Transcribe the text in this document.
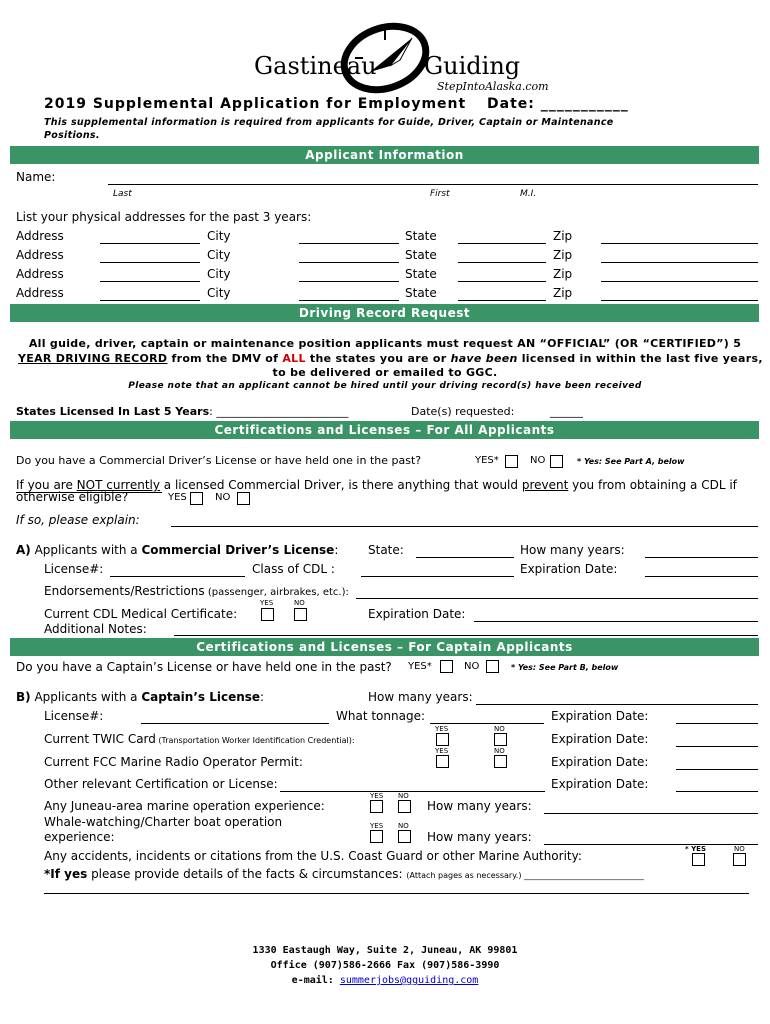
Gastineau Guiding
StepIntoAlaska.com
2019 Supplemental Application for Employment Date: ___________
This supplemental information is required from applicants for Guide, Driver, Captain or Maintenance Positions.
Applicant Information
Name:
Last	First	M.I.
List your physical addresses for the past 3 years:
Address	City	State	Zip
Address	City	State	Zip
Address	City	State	Zip
Address	City	State	Zip
Driving Record Request
All guide, driver, captain or maintenance position applicants must request AN “OFFICIAL” (OR “CERTIFIED”) 5
YEAR DRIVING RECORD from the DMV of ALL the states you are or have been licensed in within the last five years,
to be delivered or emailed to GGC.
Please note that an applicant cannot be hired until your driving record(s) have been received
States Licensed In Last 5 Years: ________________________	Date(s) requested:	______
Certifications and Licenses – For All Applicants
Do you have a Commercial Driver’s License or have held one in the past?	YES*	NO	* Yes: See Part A, below
If you are NOT currently a licensed Commercial Driver, is there anything that would prevent you from obtaining a CDL if
otherwise eligible?	YES	NO
If so, please explain:
A) Applicants with a Commercial Driver’s License: State:	How many years:
License#:	Class of CDL :	Expiration Date:
Endorsements/Restrictions (passenger, airbrakes, etc.):
YES	NO
Current CDL Medical Certificate:	Expiration Date:
Additional Notes:
Certifications and Licenses – For Captain Applicants
Do you have a Captain’s License or have held one in the past? YES*	NO	* Yes: See Part B, below
B) Applicants with a Captain’s License:	How many years:
License#:	What tonnage:	Expiration Date:
YES	NO
Current TWIC Card (Transportation Worker Identification Credential):	Expiration Date:
YES	NO
Current FCC Marine Radio Operator Permit:	Expiration Date:
Other relevant Certification or License:	Expiration Date:
YES NO
Any Juneau-area marine operation experience:	How many years:
Whale-watching/Charter boat operation	YES NO
experience:	How many years:
* YES	NO
Any accidents, incidents or citations from the U.S. Coast Guard or other Marine Authority:
*If yes please provide details of the facts & circumstances: (Attach pages as necessary.) ______________________________
1330 Eastaugh Way, Suite 2, Juneau, AK 99801
Office (907)586-2666 Fax (907)586-3990
e-mail: summerjobs@gguiding.com
